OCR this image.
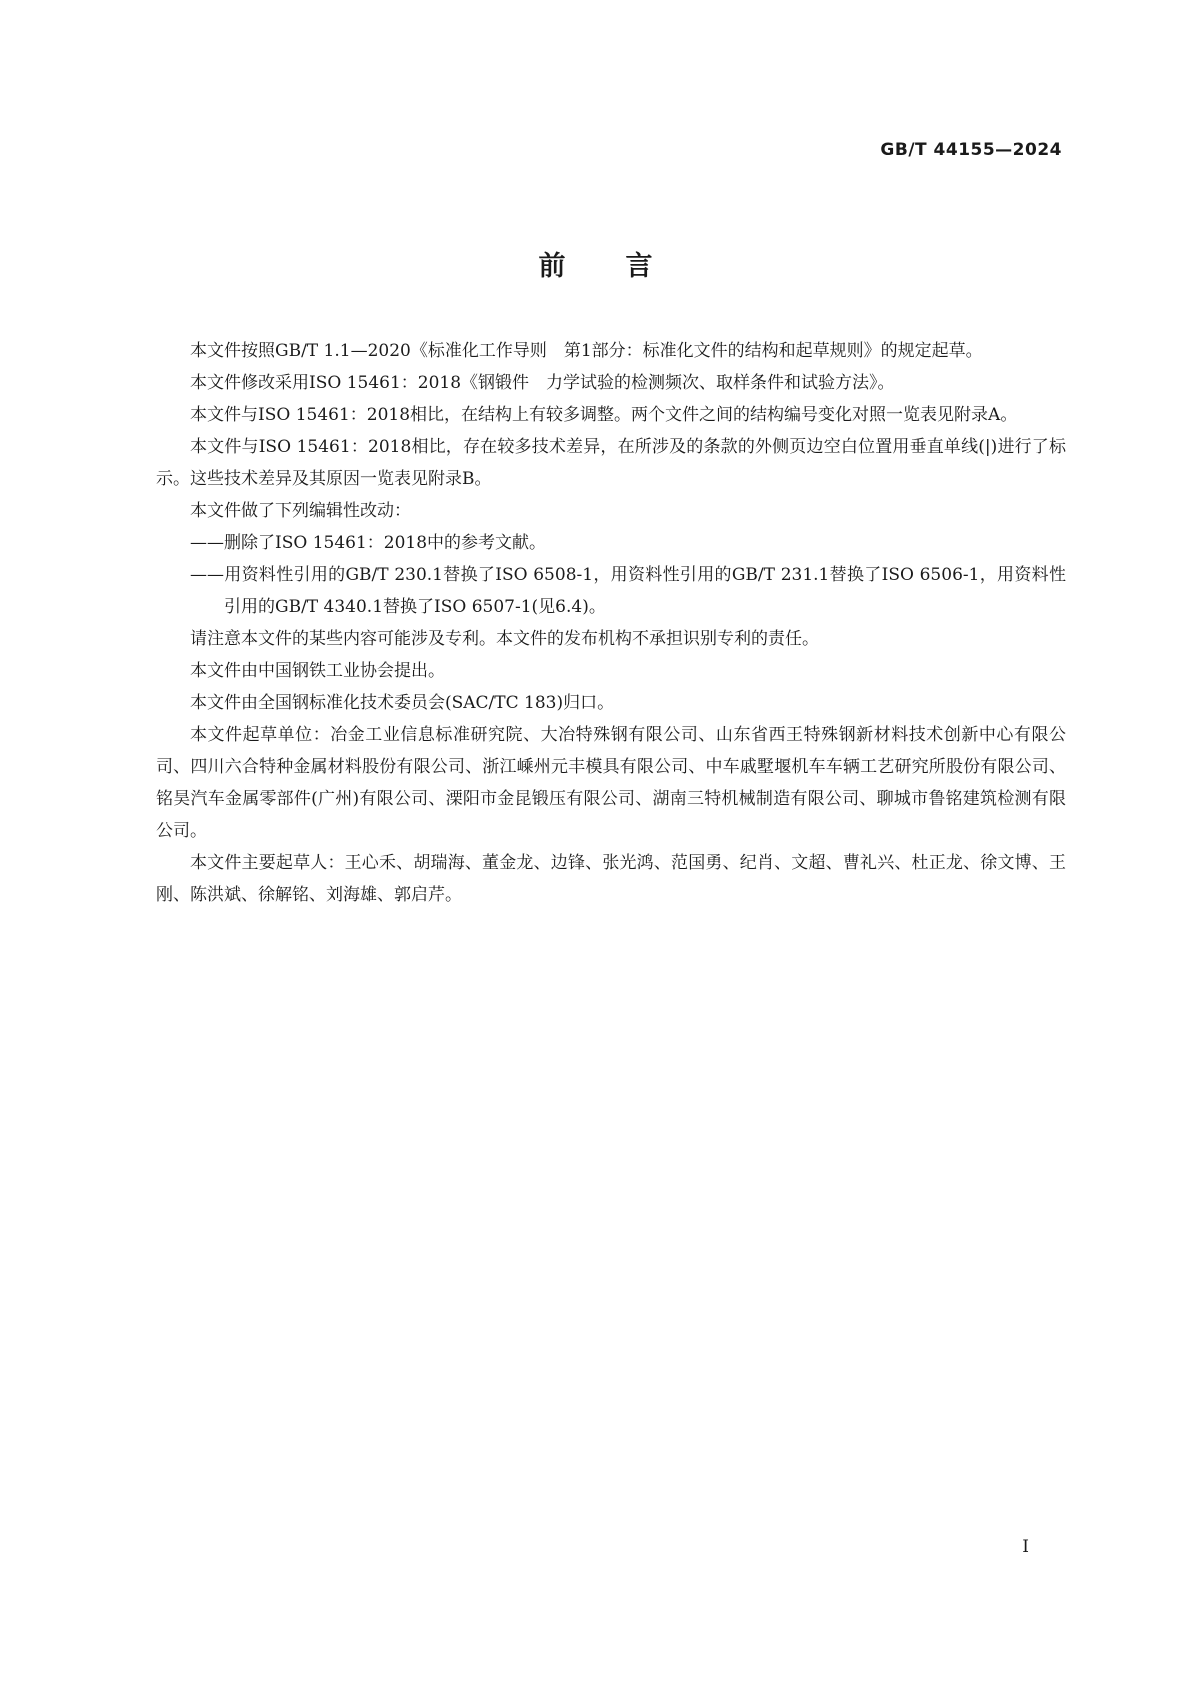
GB/T 44155—2024
前言

本文件按照GB/T 1.1—2020《标准化工作导则　第1部分：标准化文件的结构和起草规则》的规定起草。

本文件修改采用ISO 15461：2018《钢锻件　力学试验的检测频次、取样条件和试验方法》。

本文件与ISO 15461：2018相比，在结构上有较多调整。两个文件之间的结构编号变化对照一览表见附录A。

本文件与ISO 15461：2018相比，存在较多技术差异，在所涉及的条款的外侧页边空白位置用垂直单线(|)进行了标示。这些技术差异及其原因一览表见附录B。

本文件做了下列编辑性改动：

——删除了ISO 15461：2018中的参考文献。

——用资料性引用的GB/T 230.1替换了ISO 6508-1，用资料性引用的GB/T 231.1替换了ISO 6506-1，用资料性引用的GB/T 4340.1替换了ISO 6507-1(见6.4)。

请注意本文件的某些内容可能涉及专利。本文件的发布机构不承担识别专利的责任。

本文件由中国钢铁工业协会提出。

本文件由全国钢标准化技术委员会(SAC/TC 183)归口。

本文件起草单位：冶金工业信息标准研究院、大冶特殊钢有限公司、山东省西王特殊钢新材料技术创新中心有限公司、四川六合特种金属材料股份有限公司、浙江嵊州元丰模具有限公司、中车戚墅堰机车车辆工艺研究所股份有限公司、铭昊汽车金属零部件(广州)有限公司、溧阳市金昆锻压有限公司、湖南三特机械制造有限公司、聊城市鲁铭建筑检测有限公司。

本文件主要起草人：王心禾、胡瑞海、董金龙、边锋、张光鸿、范国勇、纪肖、文超、曹礼兴、杜正龙、徐文博、王刚、陈洪斌、徐解铭、刘海雄、郭启芹。

I
